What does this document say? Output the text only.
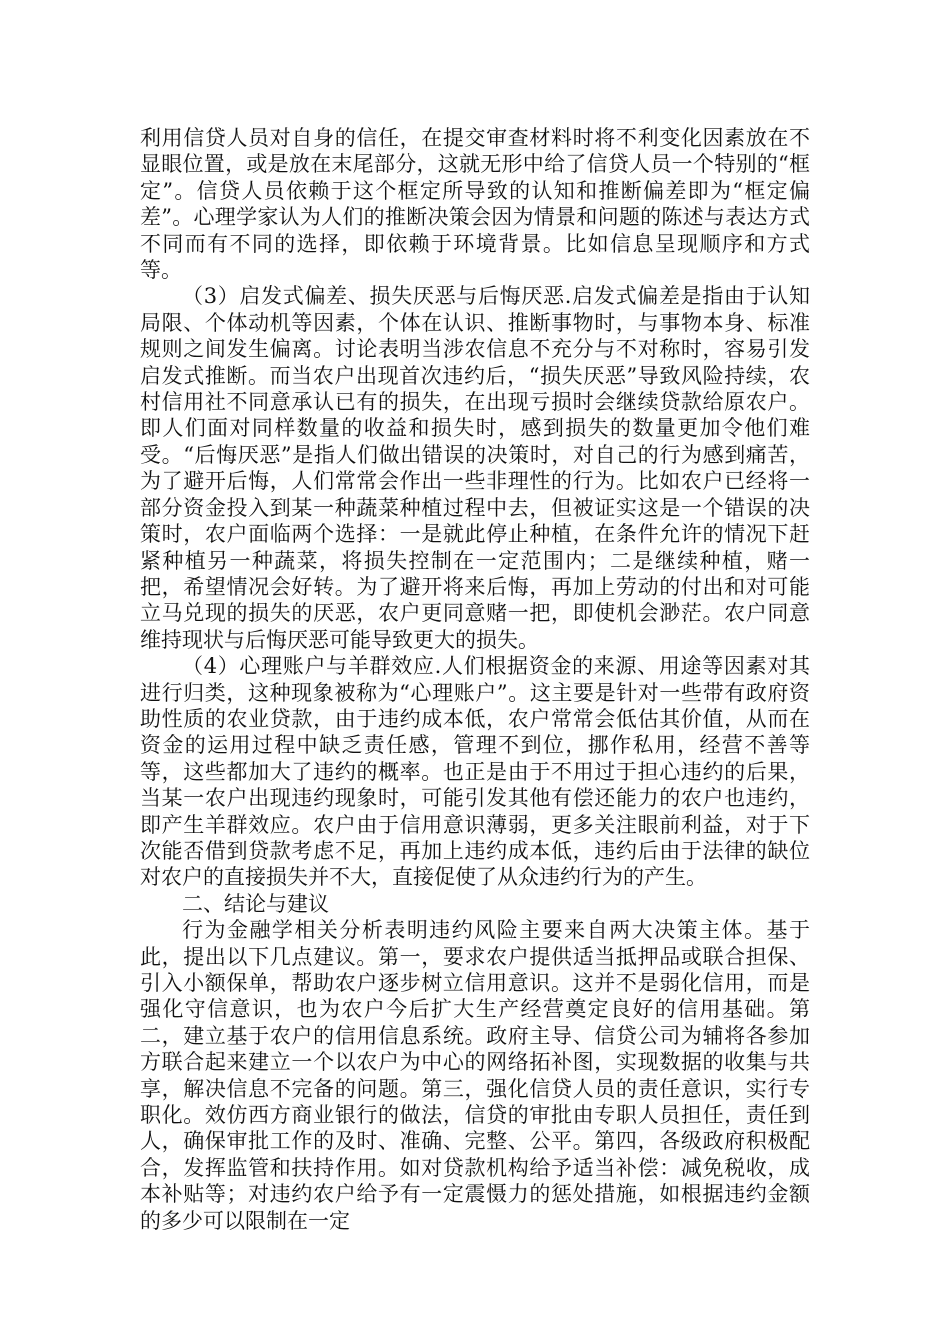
利用信贷人员对自身的信任，在提交审查材料时将不利变化因素放在不显眼位置，或是放在末尾部分，这就无形中给了信贷人员一个特别的“框定”。信贷人员依赖于这个框定所导致的认知和推断偏差即为“框定偏差”。心理学家认为人们的推断决策会因为情景和问题的陈述与表达方式不同而有不同的选择，即依赖于环境背景。比如信息呈现顺序和方式等。

（3）启发式偏差、损失厌恶与后悔厌恶.启发式偏差是指由于认知局限、个体动机等因素，个体在认识、推断事物时，与事物本身、标准规则之间发生偏离。讨论表明当涉农信息不充分与不对称时，容易引发启发式推断。而当农户出现首次违约后，“损失厌恶”导致风险持续，农村信用社不同意承认已有的损失，在出现亏损时会继续贷款给原农户。即人们面对同样数量的收益和损失时，感到损失的数量更加令他们难受。“后悔厌恶”是指人们做出错误的决策时，对自己的行为感到痛苦，为了避开后悔，人们常常会作出一些非理性的行为。比如农户已经将一部分资金投入到某一种蔬菜种植过程中去，但被证实这是一个错误的决策时，农户面临两个选择：一是就此停止种植，在条件允许的情况下赶紧种植另一种蔬菜，将损失控制在一定范围内；二是继续种植，赌一把，希望情况会好转。为了避开将来后悔，再加上劳动的付出和对可能立马兑现的损失的厌恶，农户更同意赌一把，即使机会渺茫。农户同意维持现状与后悔厌恶可能导致更大的损失。

（4）心理账户与羊群效应.人们根据资金的来源、用途等因素对其进行归类，这种现象被称为“心理账户”。这主要是针对一些带有政府资助性质的农业贷款，由于违约成本低，农户常常会低估其价值，从而在资金的运用过程中缺乏责任感，管理不到位，挪作私用，经营不善等等，这些都加大了违约的概率。也正是由于不用过于担心违约的后果，当某一农户出现违约现象时，可能引发其他有偿还能力的农户也违约，即产生羊群效应。农户由于信用意识薄弱，更多关注眼前利益，对于下次能否借到贷款考虑不足，再加上违约成本低，违约后由于法律的缺位对农户的直接损失并不大，直接促使了从众违约行为的产生。

二、结论与建议

行为金融学相关分析表明违约风险主要来自两大决策主体。基于此，提出以下几点建议。第一，要求农户提供适当抵押品或联合担保、引入小额保单，帮助农户逐步树立信用意识。这并不是弱化信用，而是强化守信意识，也为农户今后扩大生产经营奠定良好的信用基础。第二，建立基于农户的信用信息系统。政府主导、信贷公司为辅将各参加方联合起来建立一个以农户为中心的网络拓补图，实现数据的收集与共享，解决信息不完备的问题。第三，强化信贷人员的责任意识，实行专职化。效仿西方商业银行的做法，信贷的审批由专职人员担任，责任到人，确保审批工作的及时、准确、完整、公平。第四，各级政府积极配合，发挥监管和扶持作用。如对贷款机构给予适当补偿：减免税收，成本补贴等；对违约农户给予有一定震慑力的惩处措施，如根据违约金额的多少可以限制在一定
